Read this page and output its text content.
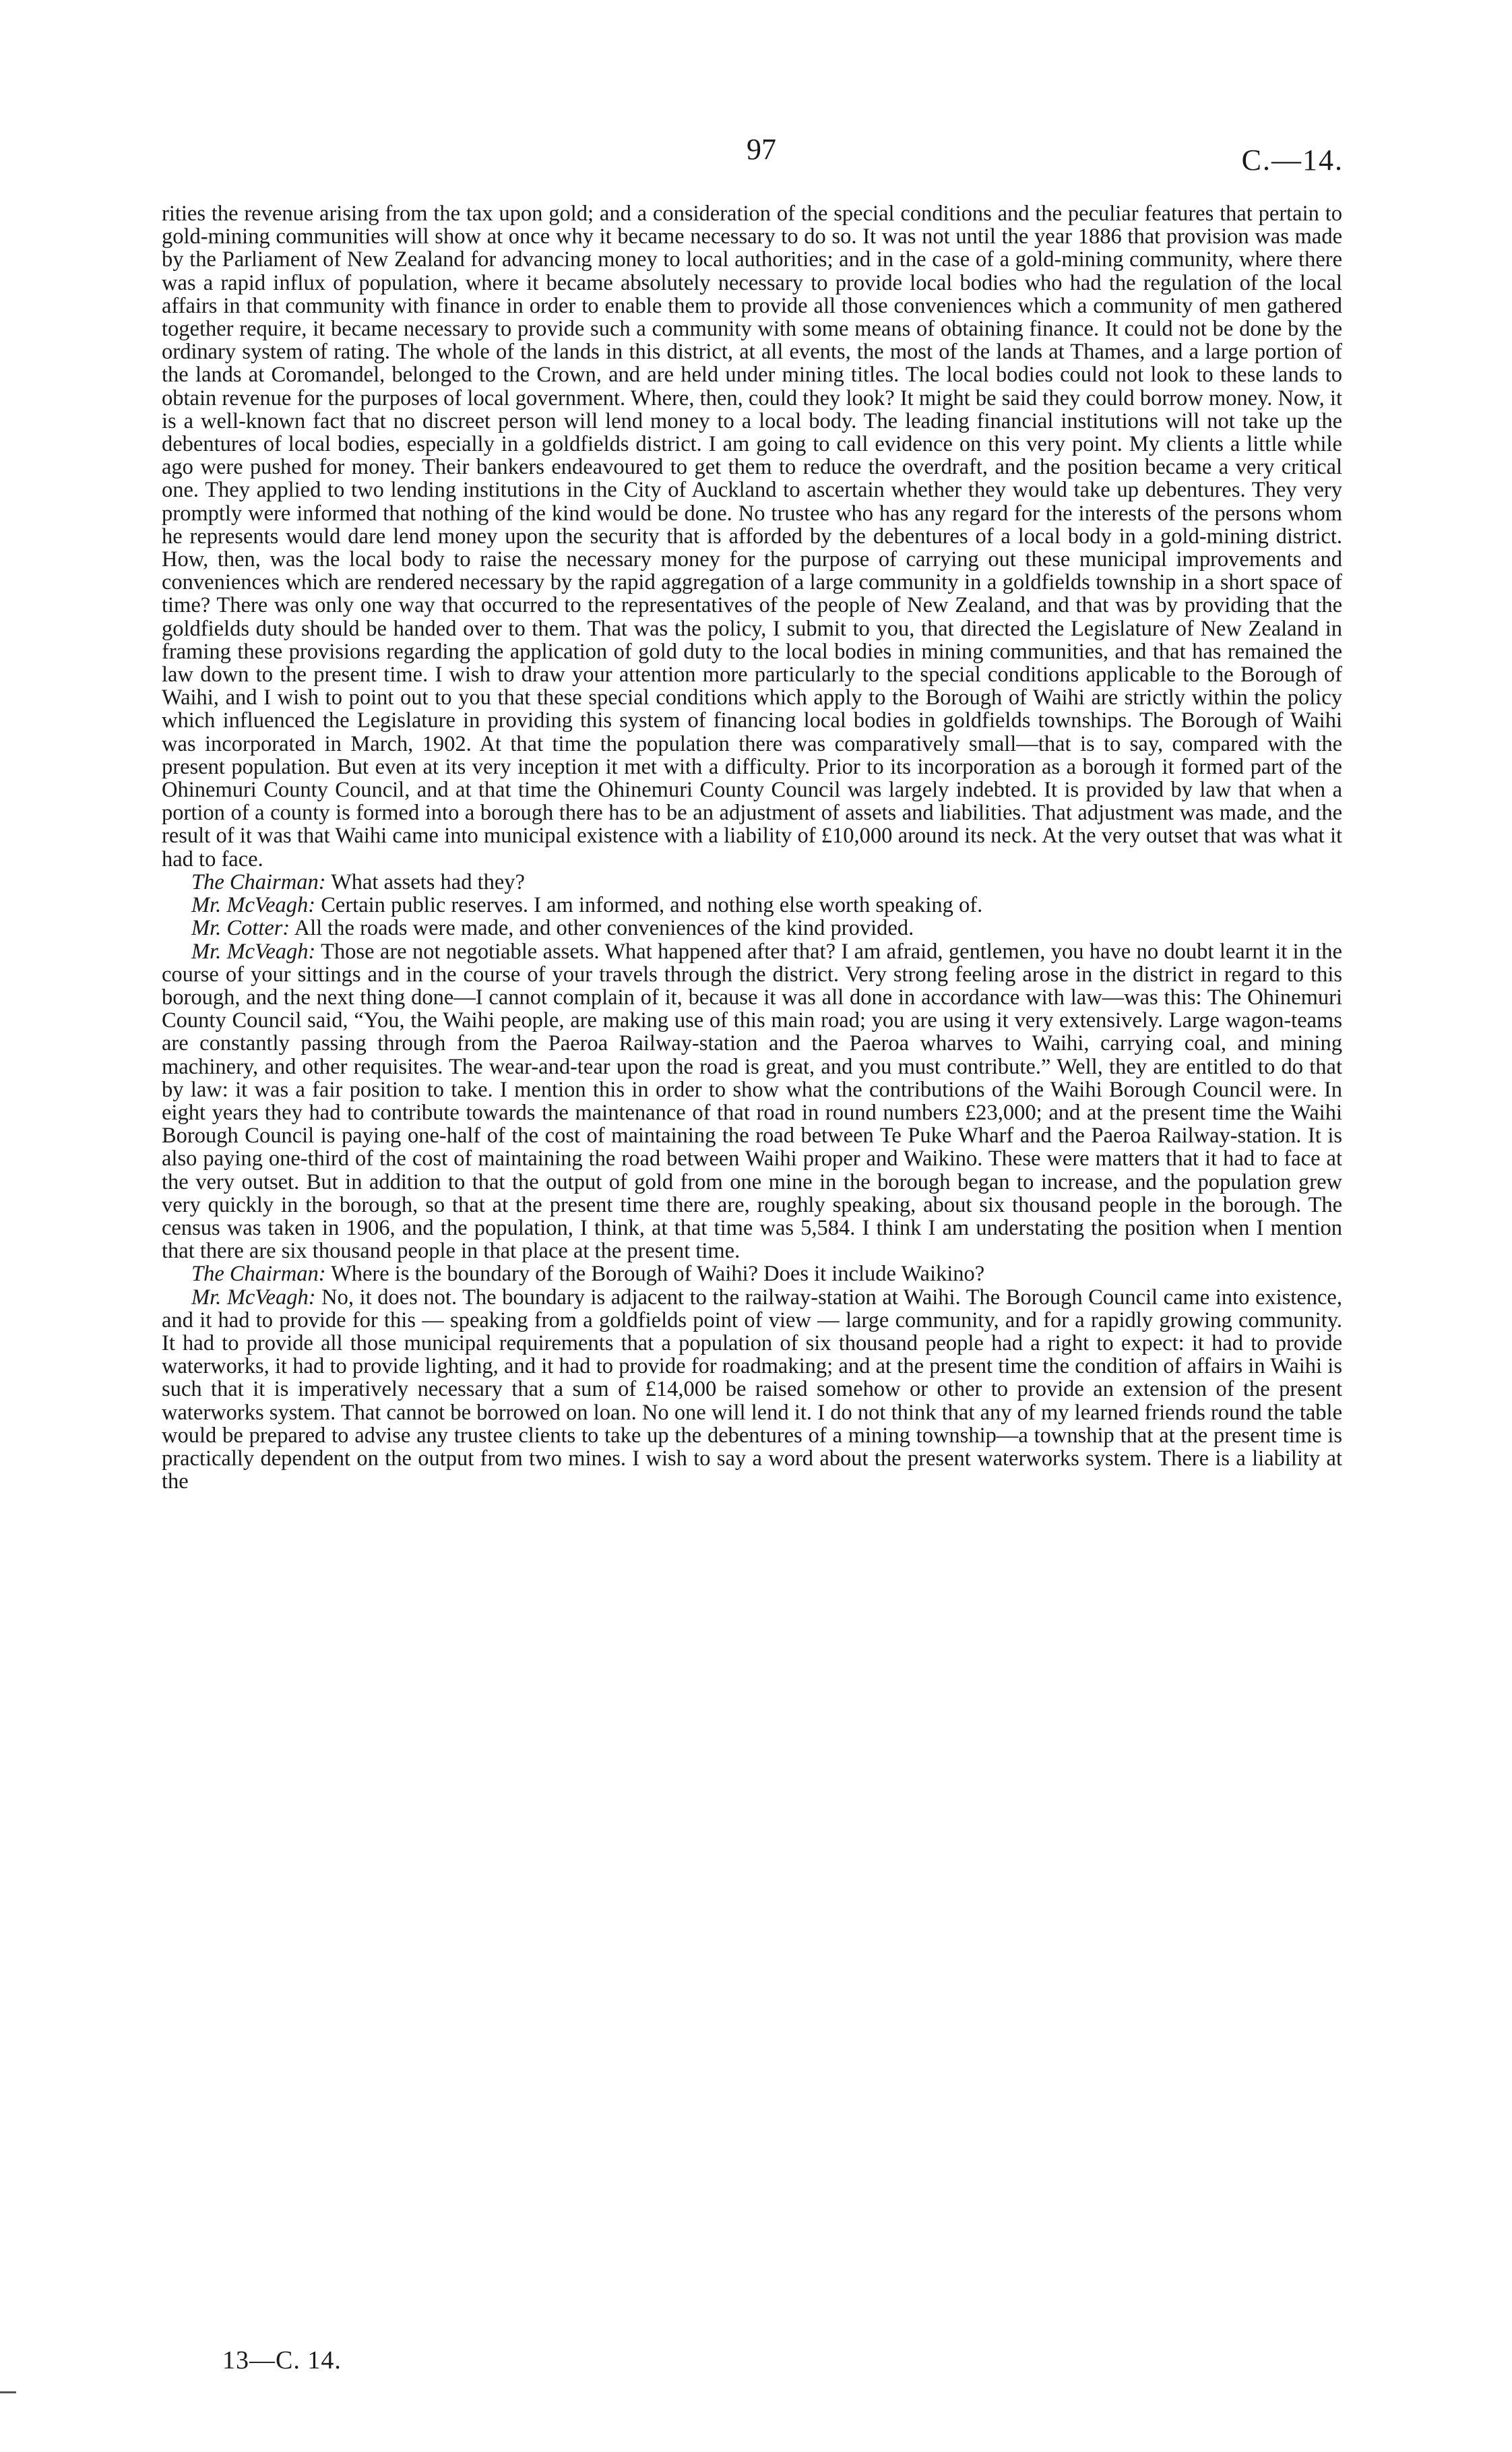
97	C.—14.

rities the revenue arising from the tax upon gold; and a consideration of the special conditions and the peculiar features that pertain to gold-mining communities will show at once why it became necessary to do so. It was not until the year 1886 that provision was made by the Parliament of New Zealand for advancing money to local authorities; and in the case of a gold-mining community, where there was a rapid influx of population, where it became absolutely necessary to provide local bodies who had the regulation of the local affairs in that community with finance in order to enable them to provide all those conveniences which a community of men gathered together require, it became necessary to provide such a community with some means of obtaining finance. It could not be done by the ordinary system of rating. The whole of the lands in this district, at all events, the most of the lands at Thames, and a large portion of the lands at Coromandel, belonged to the Crown, and are held under mining titles. The local bodies could not look to these lands to obtain revenue for the purposes of local government. Where, then, could they look? It might be said they could borrow money. Now, it is a well-known fact that no discreet person will lend money to a local body. The leading financial institutions will not take up the debentures of local bodies, especially in a goldfields district. I am going to call evidence on this very point. My clients a little while ago were pushed for money. Their bankers endeavoured to get them to reduce the overdraft, and the position became a very critical one. They applied to two lending institutions in the City of Auckland to ascertain whether they would take up debentures. They very promptly were informed that nothing of the kind would be done. No trustee who has any regard for the interests of the persons whom he represents would dare lend money upon the security that is afforded by the debentures of a local body in a gold-mining district. How, then, was the local body to raise the necessary money for the purpose of carrying out these municipal improvements and conveniences which are rendered necessary by the rapid aggregation of a large community in a goldfields township in a short space of time? There was only one way that occurred to the representatives of the people of New Zealand, and that was by providing that the goldfields duty should be handed over to them. That was the policy, I submit to you, that directed the Legislature of New Zealand in framing these provisions regarding the application of gold duty to the local bodies in mining communities, and that has remained the law down to the present time. I wish to draw your attention more particularly to the special conditions applicable to the Borough of Waihi, and I wish to point out to you that these special conditions which apply to the Borough of Waihi are strictly within the policy which influenced the Legislature in providing this system of financing local bodies in goldfields townships. The Borough of Waihi was incorporated in March, 1902. At that time the population there was comparatively small—that is to say, compared with the present population. But even at its very inception it met with a difficulty. Prior to its incorporation as a borough it formed part of the Ohinemuri County Council, and at that time the Ohinemuri County Council was largely indebted. It is provided by law that when a portion of a county is formed into a borough there has to be an adjustment of assets and liabilities. That adjustment was made, and the result of it was that Waihi came into municipal existence with a liability of £10,000 around its neck. At the very outset that was what it had to face.

The Chairman: What assets had they?

Mr. McVeagh: Certain public reserves. I am informed, and nothing else worth speaking of.

Mr. Cotter: All the roads were made, and other conveniences of the kind provided.

Mr. McVeagh: Those are not negotiable assets. What happened after that? I am afraid, gentlemen, you have no doubt learnt it in the course of your sittings and in the course of your travels through the district. Very strong feeling arose in the district in regard to this borough, and the next thing done—I cannot complain of it, because it was all done in accordance with law—was this: The Ohinemuri County Council said, “You, the Waihi people, are making use of this main road; you are using it very extensively. Large wagon-teams are constantly passing through from the Paeroa Railway-station and the Paeroa wharves to Waihi, carrying coal, and mining machinery, and other requisites. The wear-and-tear upon the road is great, and you must contribute.” Well, they are entitled to do that by law: it was a fair position to take. I mention this in order to show what the contributions of the Waihi Borough Council were. In eight years they had to contribute towards the maintenance of that road in round numbers £23,000; and at the present time the Waihi Borough Council is paying one-half of the cost of maintaining the road between Te Puke Wharf and the Paeroa Railway-station. It is also paying one-third of the cost of maintaining the road between Waihi proper and Waikino. These were matters that it had to face at the very outset. But in addition to that the output of gold from one mine in the borough began to increase, and the population grew very quickly in the borough, so that at the present time there are, roughly speaking, about six thousand people in the borough. The census was taken in 1906, and the population, I think, at that time was 5,584. I think I am understating the position when I mention that there are six thousand people in that place at the present time.

The Chairman: Where is the boundary of the Borough of Waihi? Does it include Waikino?

Mr. McVeagh: No, it does not. The boundary is adjacent to the railway-station at Waihi. The Borough Council came into existence, and it had to provide for this — speaking from a goldfields point of view — large community, and for a rapidly growing community. It had to provide all those municipal requirements that a population of six thousand people had a right to expect: it had to provide waterworks, it had to provide lighting, and it had to provide for roadmaking; and at the present time the condition of affairs in Waihi is such that it is imperatively necessary that a sum of £14,000 be raised somehow or other to provide an extension of the present waterworks system. That cannot be borrowed on loan. No one will lend it. I do not think that any of my learned friends round the table would be prepared to advise any trustee clients to take up the debentures of a mining township—a township that at the present time is practically dependent on the output from two mines. I wish to say a word about the present waterworks system. There is a liability at the

13—C. 14.
